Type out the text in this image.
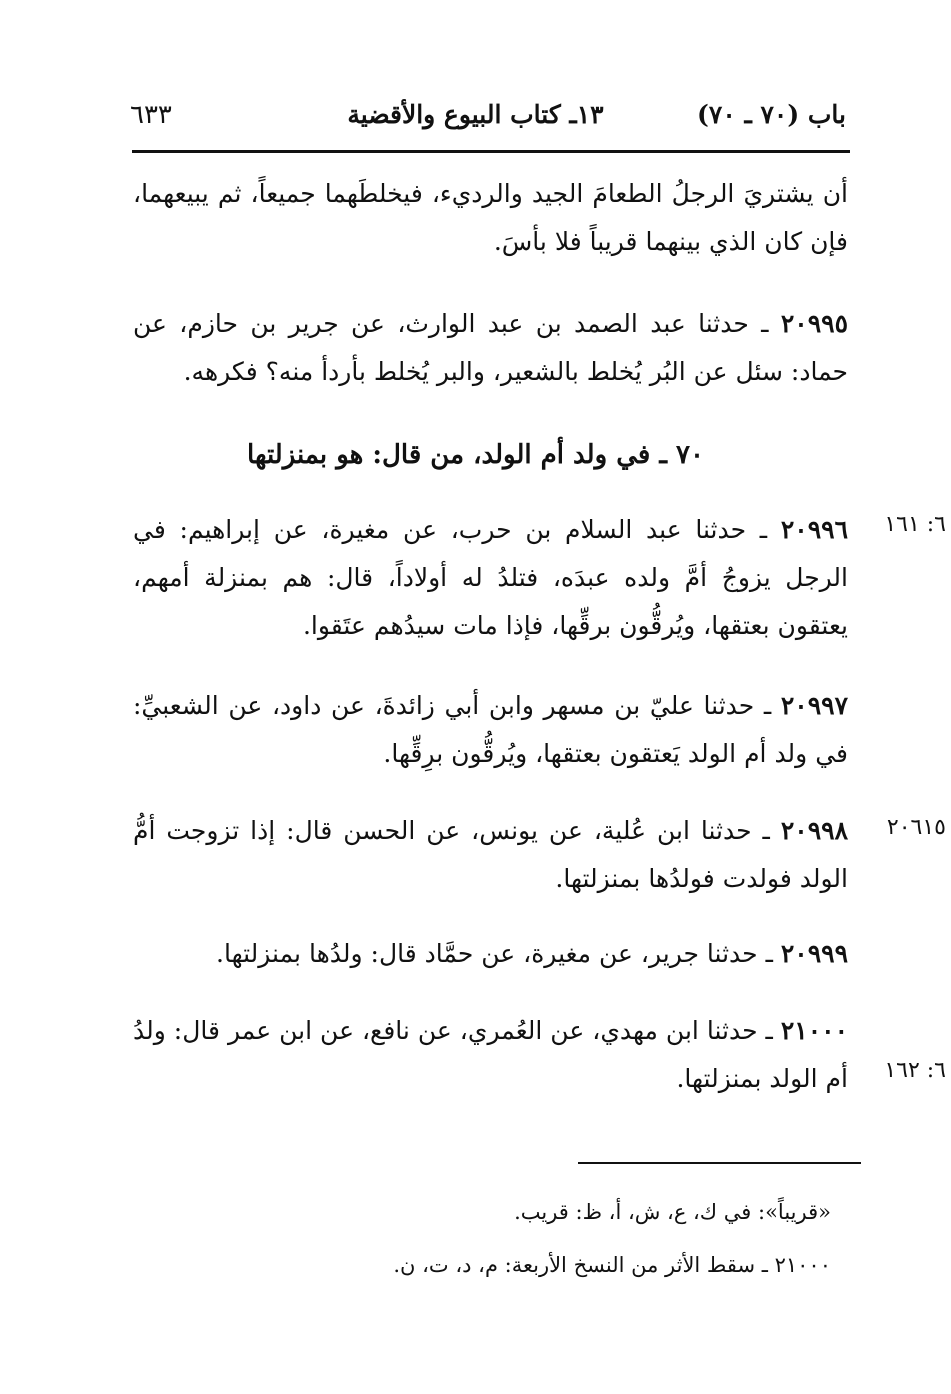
٦٣٣	١٣ـ كتاب البيوع والأقضية	باب (٧٠ ـ ٧٠)

أن يشتريَ الرجلُ الطعامَ الجيد والرديء، فيخلطَهما جميعاً، ثم يبيعهما، فإن كان الذي بينهما قريباً فلا بأسَ.

٢٠٩٩٥ ـ حدثنا عبد الصمد بن عبد الوارث، عن جرير بن حازم، عن حماد: سئل عن البُر يُخلط بالشعير، والبر يُخلط بأردأ منه؟ فكرهه.

٧٠ ـ في ولد أم الولد، من قال: هو بمنزلتها
٦: ١٦١

٢٠٩٩٦ ـ حدثنا عبد السلام بن حرب، عن مغيرة، عن إبراهيم: في الرجل يزوجُ أمَّ ولده عبدَه، فتلدُ له أولاداً، قال: هم بمنزلة أمهم، يعتقون بعتقها، ويُرقُّون برقِّها، فإذا مات سيدُهم عتَقوا.

٢٠٩٩٧ ـ حدثنا عليّ بن مسهر وابن أبي زائدةَ، عن داود، عن الشعبيِّ: في ولد أم الولد يَعتقون بعتقها، ويُرقُّون برِقِّها.

٢٠٦١٥

٢٠٩٩٨ ـ حدثنا ابن عُلية، عن يونس، عن الحسن قال: إذا تزوجت أمُّ الولد فولدت فولدُها بمنزلتها.

٢٠٩٩٩ ـ حدثنا جرير، عن مغيرة، عن حمَّاد قال: ولدُها بمنزلتها.

٦: ١٦٢

٢١٠٠٠ ـ حدثنا ابن مهدي، عن العُمري، عن نافع، عن ابن عمر قال: ولدُ أم الولد بمنزلتها.

«قريباً»: في ك، ع، ش، أ، ظ: قريب.
٢١٠٠٠ ـ سقط الأثر من النسخ الأربعة: م، د، ت، ن.
